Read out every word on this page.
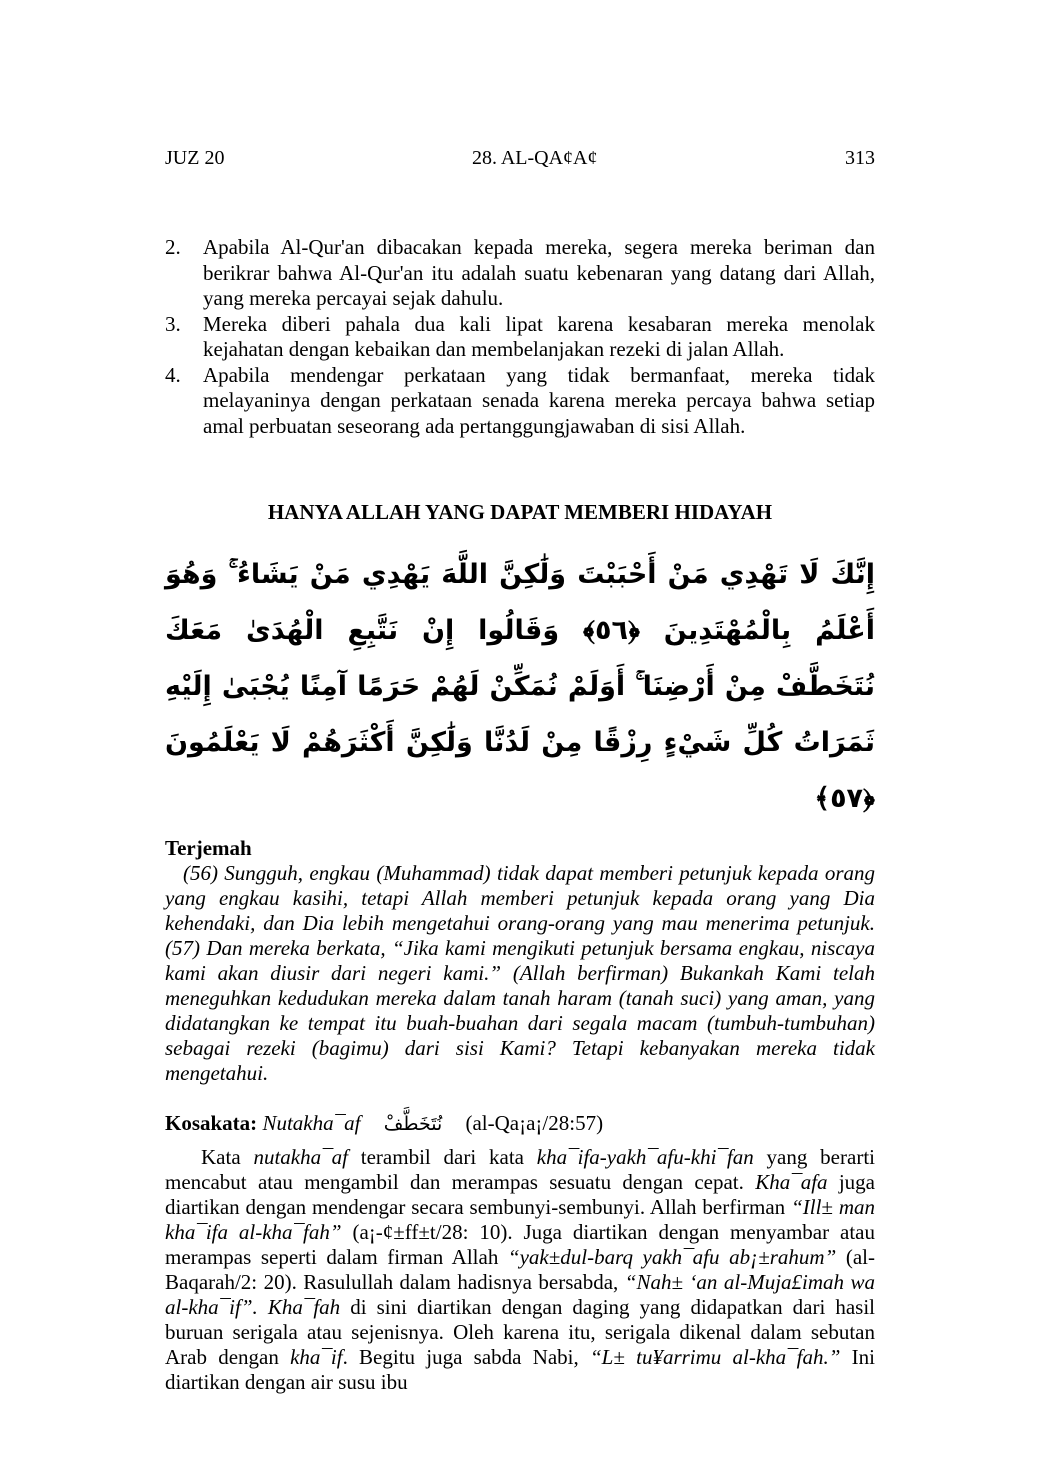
JUZ 20	28. AL-QA¢A¢	313
2.	Apabila Al-Qur'an dibacakan kepada mereka, segera mereka beriman dan berikrar bahwa Al-Qur'an itu adalah suatu kebenaran yang datang dari Allah, yang mereka percayai sejak dahulu.
3.	Mereka diberi pahala dua kali lipat karena kesabaran mereka menolak kejahatan dengan kebaikan dan membelanjakan rezeki di jalan Allah.
4.	Apabila mendengar perkataan yang tidak bermanfaat, mereka tidak melayaninya dengan perkataan senada karena mereka percaya bahwa setiap amal perbuatan seseorang ada pertanggungjawaban di sisi Allah.
HANYA ALLAH YANG DAPAT MEMBERI HIDAYAH
إِنَّكَ لَا تَهْدِي مَنْ أَحْبَبْتَ وَلَٰكِنَّ اللَّهَ يَهْدِي مَنْ يَشَاءُ ۚ وَهُوَ أَعْلَمُ بِالْمُهْتَدِينَ ﴿٥٦﴾ وَقَالُوا إِنْ نَتَّبِعِ الْهُدَىٰ مَعَكَ نُتَخَطَّفْ مِنْ أَرْضِنَا ۚ أَوَلَمْ نُمَكِّنْ لَهُمْ حَرَمًا آمِنًا يُجْبَىٰ إِلَيْهِ ثَمَرَاتُ كُلِّ شَيْءٍ رِزْقًا مِنْ لَدُنَّا وَلَٰكِنَّ أَكْثَرَهُمْ لَا يَعْلَمُونَ ﴿٥٧﴾
Terjemah

(56) Sungguh, engkau (Muhammad) tidak dapat memberi petunjuk kepada orang yang engkau kasihi, tetapi Allah memberi petunjuk kepada orang yang Dia kehendaki, dan Dia lebih mengetahui orang-orang yang mau menerima petunjuk. (57) Dan mereka berkata, “Jika kami mengikuti petunjuk bersama engkau, niscaya kami akan diusir dari negeri kami.” (Allah berfirman) Bukankah Kami telah meneguhkan kedudukan mereka dalam tanah haram (tanah suci) yang aman, yang didatangkan ke tempat itu buah-buahan dari segala macam (tumbuh-tumbuhan) sebagai rezeki (bagimu) dari sisi Kami? Tetapi kebanyakan mereka tidak mengetahui.

Kosakata: Nutakha¯af نُتَخَطَّفْ (al-Qa¡a¡/28:57)

Kata nutakha¯af terambil dari kata kha¯ifa-yakh¯afu-khi¯fan yang berarti mencabut atau mengambil dan merampas sesuatu dengan cepat. Kha¯afa juga diartikan dengan mendengar secara sembunyi-sembunyi. Allah berfirman “Ill± man kha¯ifa al-kha¯fah” (a¡-¢±ff±t/28: 10). Juga diartikan dengan menyambar atau merampas seperti dalam firman Allah “yak±dul-barq yakh¯afu ab¡±rahum” (al-Baqarah/2: 20). Rasulullah dalam hadisnya bersabda, “Nah± ‘an al-Muja£imah wa al-kha¯if”. Kha¯fah di sini diartikan dengan daging yang didapatkan dari hasil buruan serigala atau sejenisnya. Oleh karena itu, serigala dikenal dalam sebutan Arab dengan kha¯if. Begitu juga sabda Nabi, “L± tu¥arrimu al-kha¯fah.” Ini diartikan dengan air susu ibu
